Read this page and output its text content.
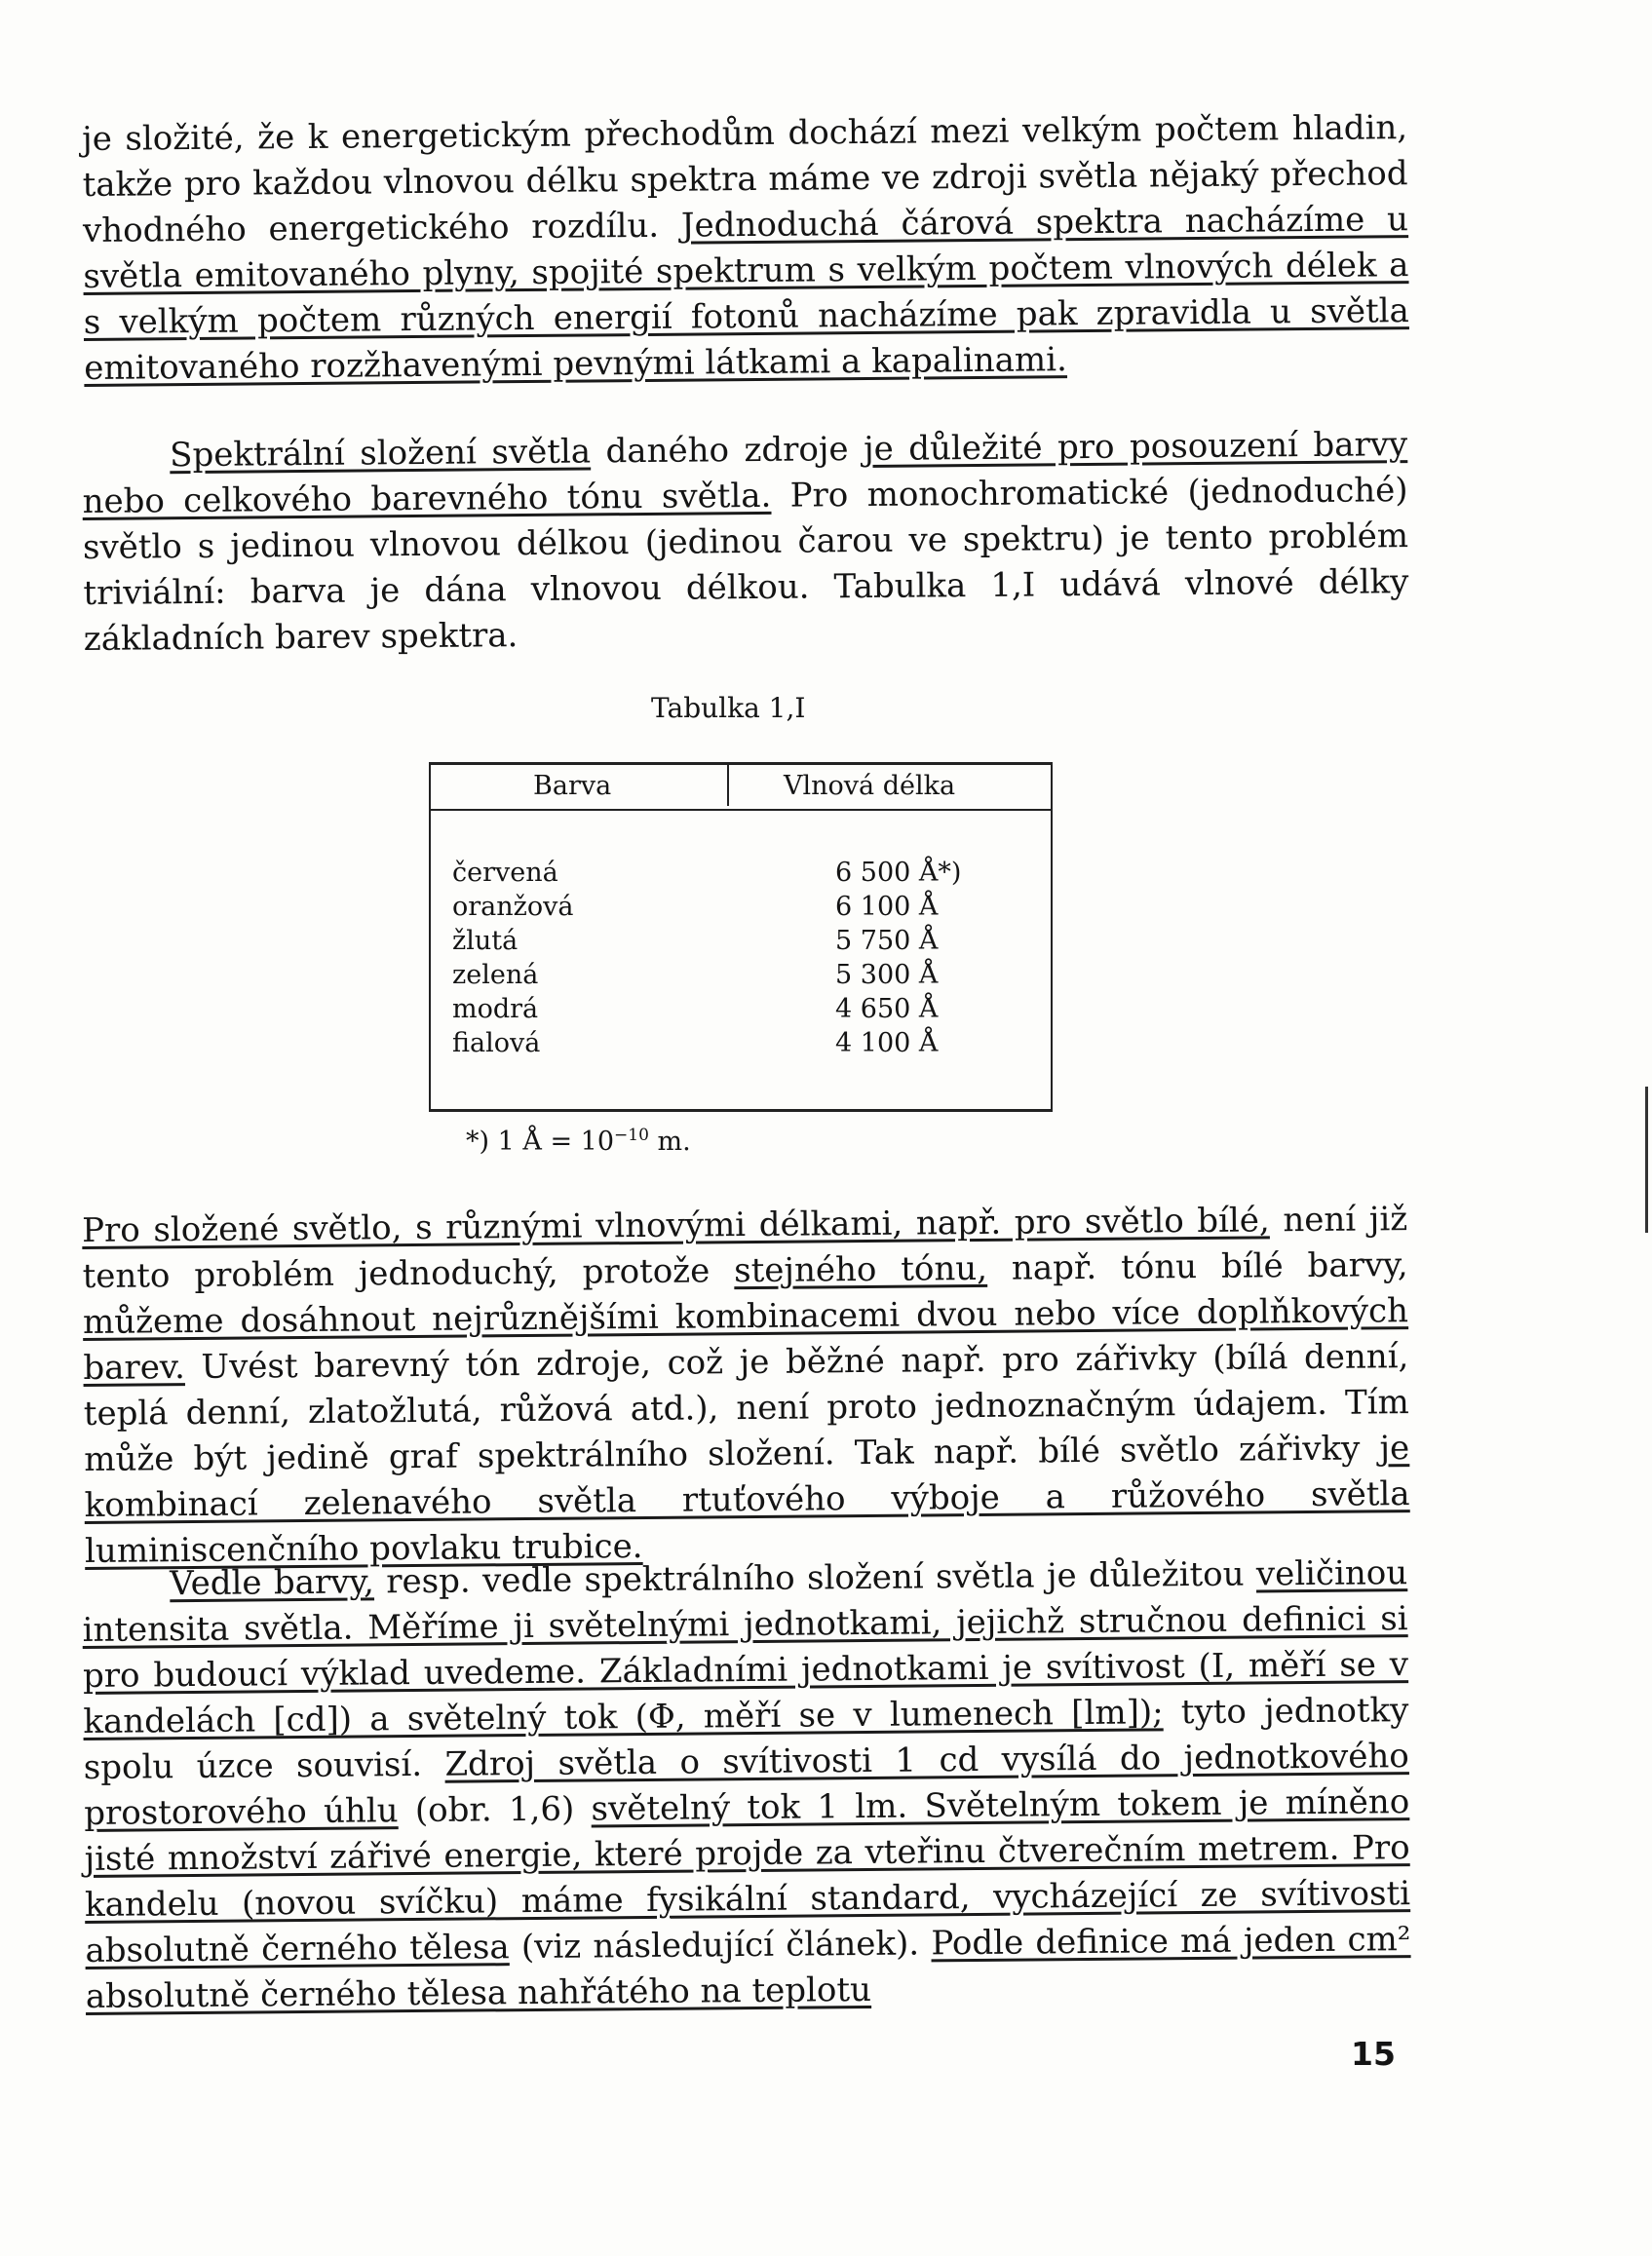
je složité, že k energetickým přechodům dochází mezi velkým počtem hladin, takže pro každou vlnovou délku spektra máme ve zdroji světla nějaký přechod vhodného energetického rozdílu. Jednoduchá čárová spektra nacházíme u světla emitovaného plyny, spojité spektrum s velkým počtem vlnových délek a s velkým počtem různých energií fotonů nacházíme pak zpravidla u světla emitovaného rozžhavenými pevnými látkami a kapalinami.

Spektrální složení světla daného zdroje je důležité pro posouzení barvy nebo celkového barevného tónu světla. Pro monochromatické (jednoduché) světlo s jedinou vlnovou délkou (jedinou čarou ve spektru) je tento problém triviální: barva je dána vlnovou délkou. Tabulka 1,I udává vlnové délky základních barev spektra.

Tabulka 1,I
Barva	Vlnová délka
červená	6 500 Å*)
oranžová	6 100 Å
žlutá	5 750 Å
zelená	5 300 Å
modrá	4 650 Å
fialová	4 100 Å
*) 1 Å = $10^{-10}$ m.

Pro složené světlo, s různými vlnovými délkami, např. pro světlo bílé, není již tento problém jednoduchý, protože stejného tónu, např. tónu bílé barvy, můžeme dosáhnout nejrůznějšími kombinacemi dvou nebo více doplňkových barev. Uvést barevný tón zdroje, což je běžné např. pro zářivky (bílá denní, teplá denní, zlatožlutá, růžová atd.), není proto jednoznačným údajem. Tím může být jedině graf spektrálního složení. Tak např. bílé světlo zářivky je kombinací zelenavého světla rtuťového výboje a růžového světla luminiscenčního povlaku trubice.

Vedle barvy, resp. vedle spektrálního složení světla je důležitou veličinou intensita světla. Měříme ji světelnými jednotkami, jejichž stručnou definici si pro budoucí výklad uvedeme. Základními jednotkami je svítivost (I, měří se v kandelách [cd]) a světelný tok (Φ, měří se v lumenech [lm]); tyto jednotky spolu úzce souvisí. Zdroj světla o svítivosti 1 cd vysílá do jednotkového prostorového úhlu (obr. 1,6) světelný tok 1 lm. Světelným tokem je míněno jisté množství zářivé energie, které projde za vteřinu čtverečním metrem. Pro kandelu (novou svíčku) máme fysikální standard, vycházející ze svítivosti absolutně černého tělesa (viz následující článek). Podle definice má jeden cm² absolutně černého tělesa nahřátého na teplotu

15
